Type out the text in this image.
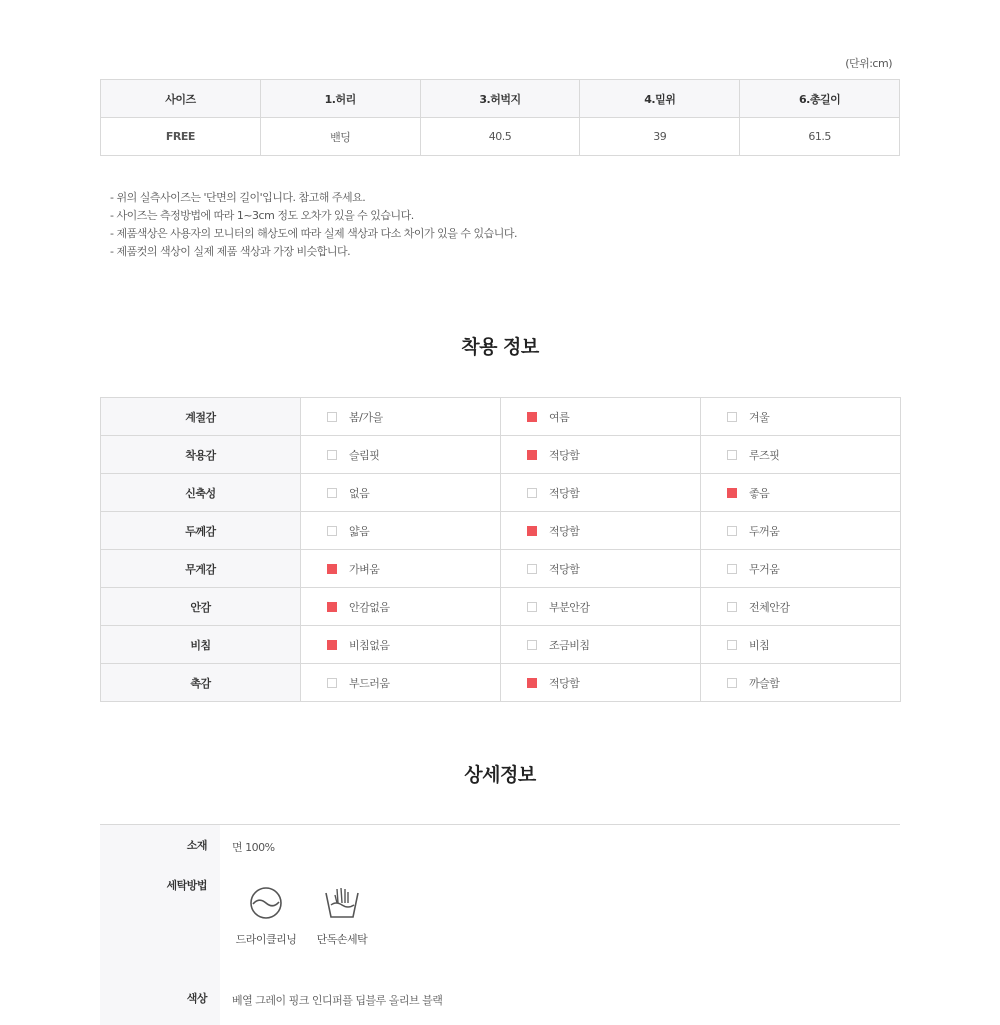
(단위:cm)
사이즈	1.허리	3.허벅지	4.밑위	6.총길이
FREE	밴딩	40.5	39	61.5
- 위의 실측사이즈는 '단면의 길이'입니다. 참고해 주세요.
- 사이즈는 측정방법에 따라 1~3cm 정도 오차가 있을 수 있습니다.
- 제품색상은 사용자의 모니터의 해상도에 따라 실제 색상과 다소 차이가 있을 수 있습니다.
- 제품컷의 색상이 실제 제품 색상과 가장 비슷합니다.
착용 정보
계절감	봄/가을	여름	겨울
착용감	슬림핏	적당함	루즈핏
신축성	없음	적당함	좋음
두께감	얇음	적당함	두꺼움
무게감	가벼움	적당함	무거움
안감	안감없음	부분안감	전체안감
비침	비침없음	조금비침	비침
촉감	부드러움	적당함	까슬함
상세정보
소재 면 100%
세탁방법
드라이클리닝	단독손세탁
색상 베열 그레이 핑크 인디퍼플 딥블루 올리브 블랙
